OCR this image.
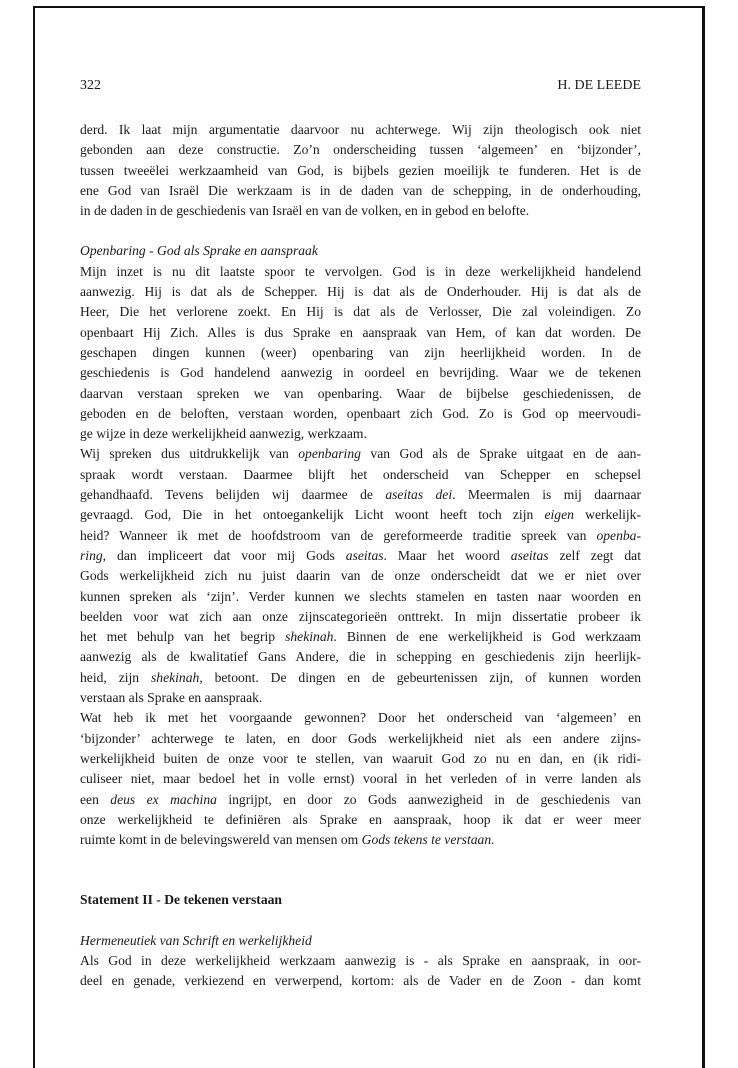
322	H. DE LEEDE

derd. Ik laat mijn argumentatie daarvoor nu achterwege. Wij zijn theologisch ook niet

gebonden aan deze constructie. Zo’n onderscheiding tussen ‘algemeen’ en ‘bijzonder’,

tussen tweeëlei werkzaamheid van God, is bijbels gezien moeilijk te funderen. Het is de

ene God van Israël Die werkzaam is in de daden van de schepping, in de onderhouding,

in de daden in de geschiedenis van Israël en van de volken, en in gebod en belofte.

Openbaring - God als Sprake en aanspraak

Mijn inzet is nu dit laatste spoor te vervolgen. God is in deze werkelijkheid handelend

aanwezig. Hij is dat als de Schepper. Hij is dat als de Onderhouder. Hij is dat als de

Heer, Die het verlorene zoekt. En Hij is dat als de Verlosser, Die zal voleindigen. Zo

openbaart Hij Zich. Alles is dus Sprake en aanspraak van Hem, of kan dat worden. De

geschapen dingen kunnen (weer) openbaring van zijn heerlijkheid worden. In de

geschiedenis is God handelend aanwezig in oordeel en bevrijding. Waar we de tekenen

daarvan verstaan spreken we van openbaring. Waar de bijbelse geschiedenissen, de

geboden en de beloften, verstaan worden, openbaart zich God. Zo is God op meervoudi-

ge wijze in deze werkelijkheid aanwezig, werkzaam.

Wij spreken dus uitdrukkelijk van openbaring van God als de Sprake uitgaat en de aan-

spraak wordt verstaan. Daarmee blijft het onderscheid van Schepper en schepsel

gehandhaafd. Tevens belijden wij daarmee de aseitas dei. Meermalen is mij daarnaar

gevraagd. God, Die in het ontoegankelijk Licht woont heeft toch zijn eigen werkelijk-

heid? Wanneer ik met de hoofdstroom van de gereformeerde traditie spreek van openba-

ring, dan impliceert dat voor mij Gods aseitas. Maar het woord aseitas zelf zegt dat

Gods werkelijkheid zich nu juist daarin van de onze onderscheidt dat we er niet over

kunnen spreken als ‘zijn’. Verder kunnen we slechts stamelen en tasten naar woorden en

beelden voor wat zich aan onze zijnscategorieën onttrekt. In mijn dissertatie probeer ik

het met behulp van het begrip shekinah. Binnen de ene werkelijkheid is God werkzaam

aanwezig als de kwalitatief Gans Andere, die in schepping en geschiedenis zijn heerlijk-

heid, zijn shekinah, betoont. De dingen en de gebeurtenissen zijn, of kunnen worden

verstaan als Sprake en aanspraak.

Wat heb ik met het voorgaande gewonnen? Door het onderscheid van ‘algemeen’ en

‘bijzonder’ achterwege te laten, en door Gods werkelijkheid niet als een andere zijns-

werkelijkheid buiten de onze voor te stellen, van waaruit God zo nu en dan, en (ik ridi-

culiseer niet, maar bedoel het in volle ernst) vooral in het verleden of in verre landen als

een deus ex machina ingrijpt, en door zo Gods aanwezigheid in de geschiedenis van

onze werkelijkheid te definiëren als Sprake en aanspraak, hoop ik dat er weer meer

ruimte komt in de belevingswereld van mensen om Gods tekens te verstaan.

Statement II - De tekenen verstaan

Hermeneutiek van Schrift en werkelijkheid

Als God in deze werkelijkheid werkzaam aanwezig is - als Sprake en aanspraak, in oor-

deel en genade, verkiezend en verwerpend, kortom: als de Vader en de Zoon - dan komt
